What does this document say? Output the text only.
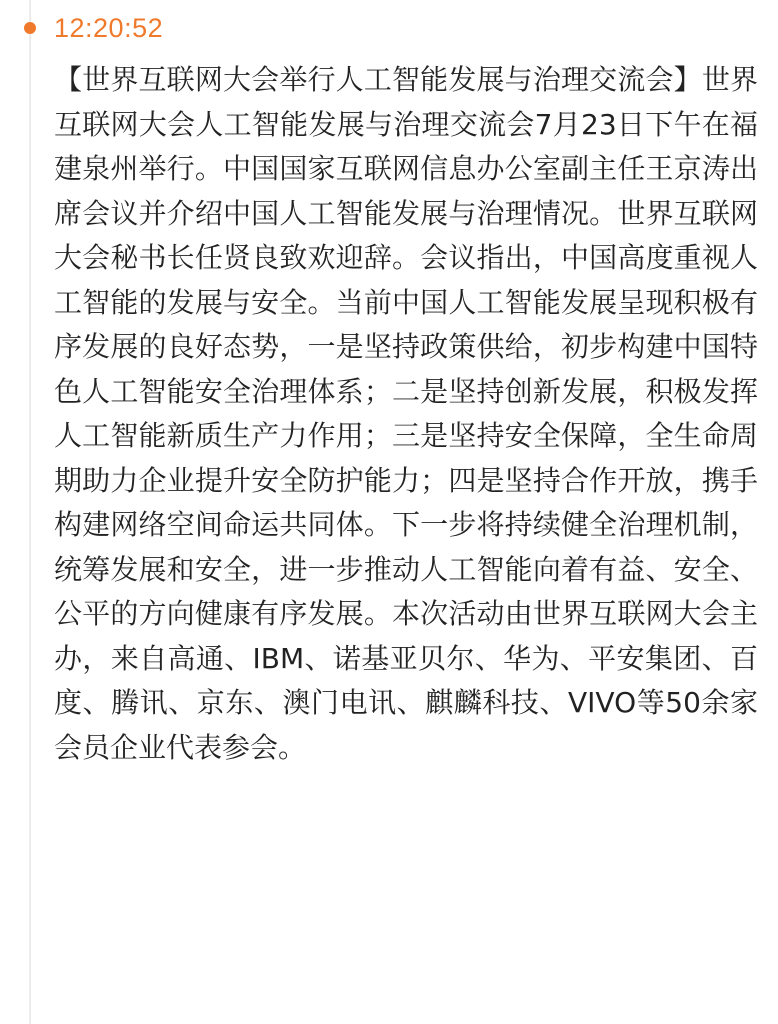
12:20:52

【世界互联网大会举行人工智能发展与治理交流会】世界互联网大会人工智能发展与治理交流会7月23日下午在福建泉州举行。中国国家互联网信息办公室副主任王京涛出席会议并介绍中国人工智能发展与治理情况。世界互联网大会秘书长任贤良致欢迎辞。会议指出，中国高度重视人工智能的发展与安全。当前中国人工智能发展呈现积极有序发展的良好态势，一是坚持政策供给，初步构建中国特色人工智能安全治理体系；二是坚持创新发展，积极发挥人工智能新质生产力作用；三是坚持安全保障，全生命周期助力企业提升安全防护能力；四是坚持合作开放，携手构建网络空间命运共同体。下一步将持续健全治理机制，统筹发展和安全，进一步推动人工智能向着有益、安全、公平的方向健康有序发展。本次活动由世界互联网大会主办，来自高通、IBM、诺基亚贝尔、华为、平安集团、百度、腾讯、京东、澳门电讯、麒麟科技、VIVO等50余家会员企业代表参会。
